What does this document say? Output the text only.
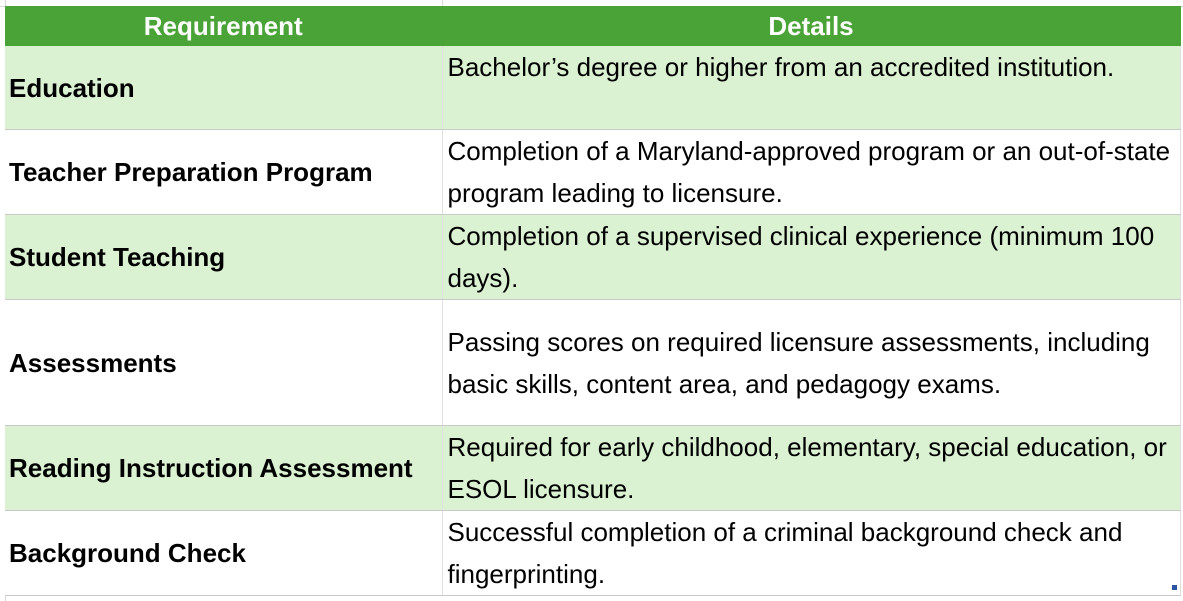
Requirement	Details
Education	Bachelor’s degree or higher from an accredited institution.
Teacher Preparation Program	Completion of a Maryland-approved program or an out-of-state program leading to licensure.
Student Teaching	Completion of a supervised clinical experience (minimum 100 days).
Assessments	Passing scores on required licensure assessments, including basic skills, content area, and pedagogy exams.
Reading Instruction Assessment	Required for early childhood, elementary, special education, or ESOL licensure.
Background Check	Successful completion of a criminal background check and fingerprinting.
